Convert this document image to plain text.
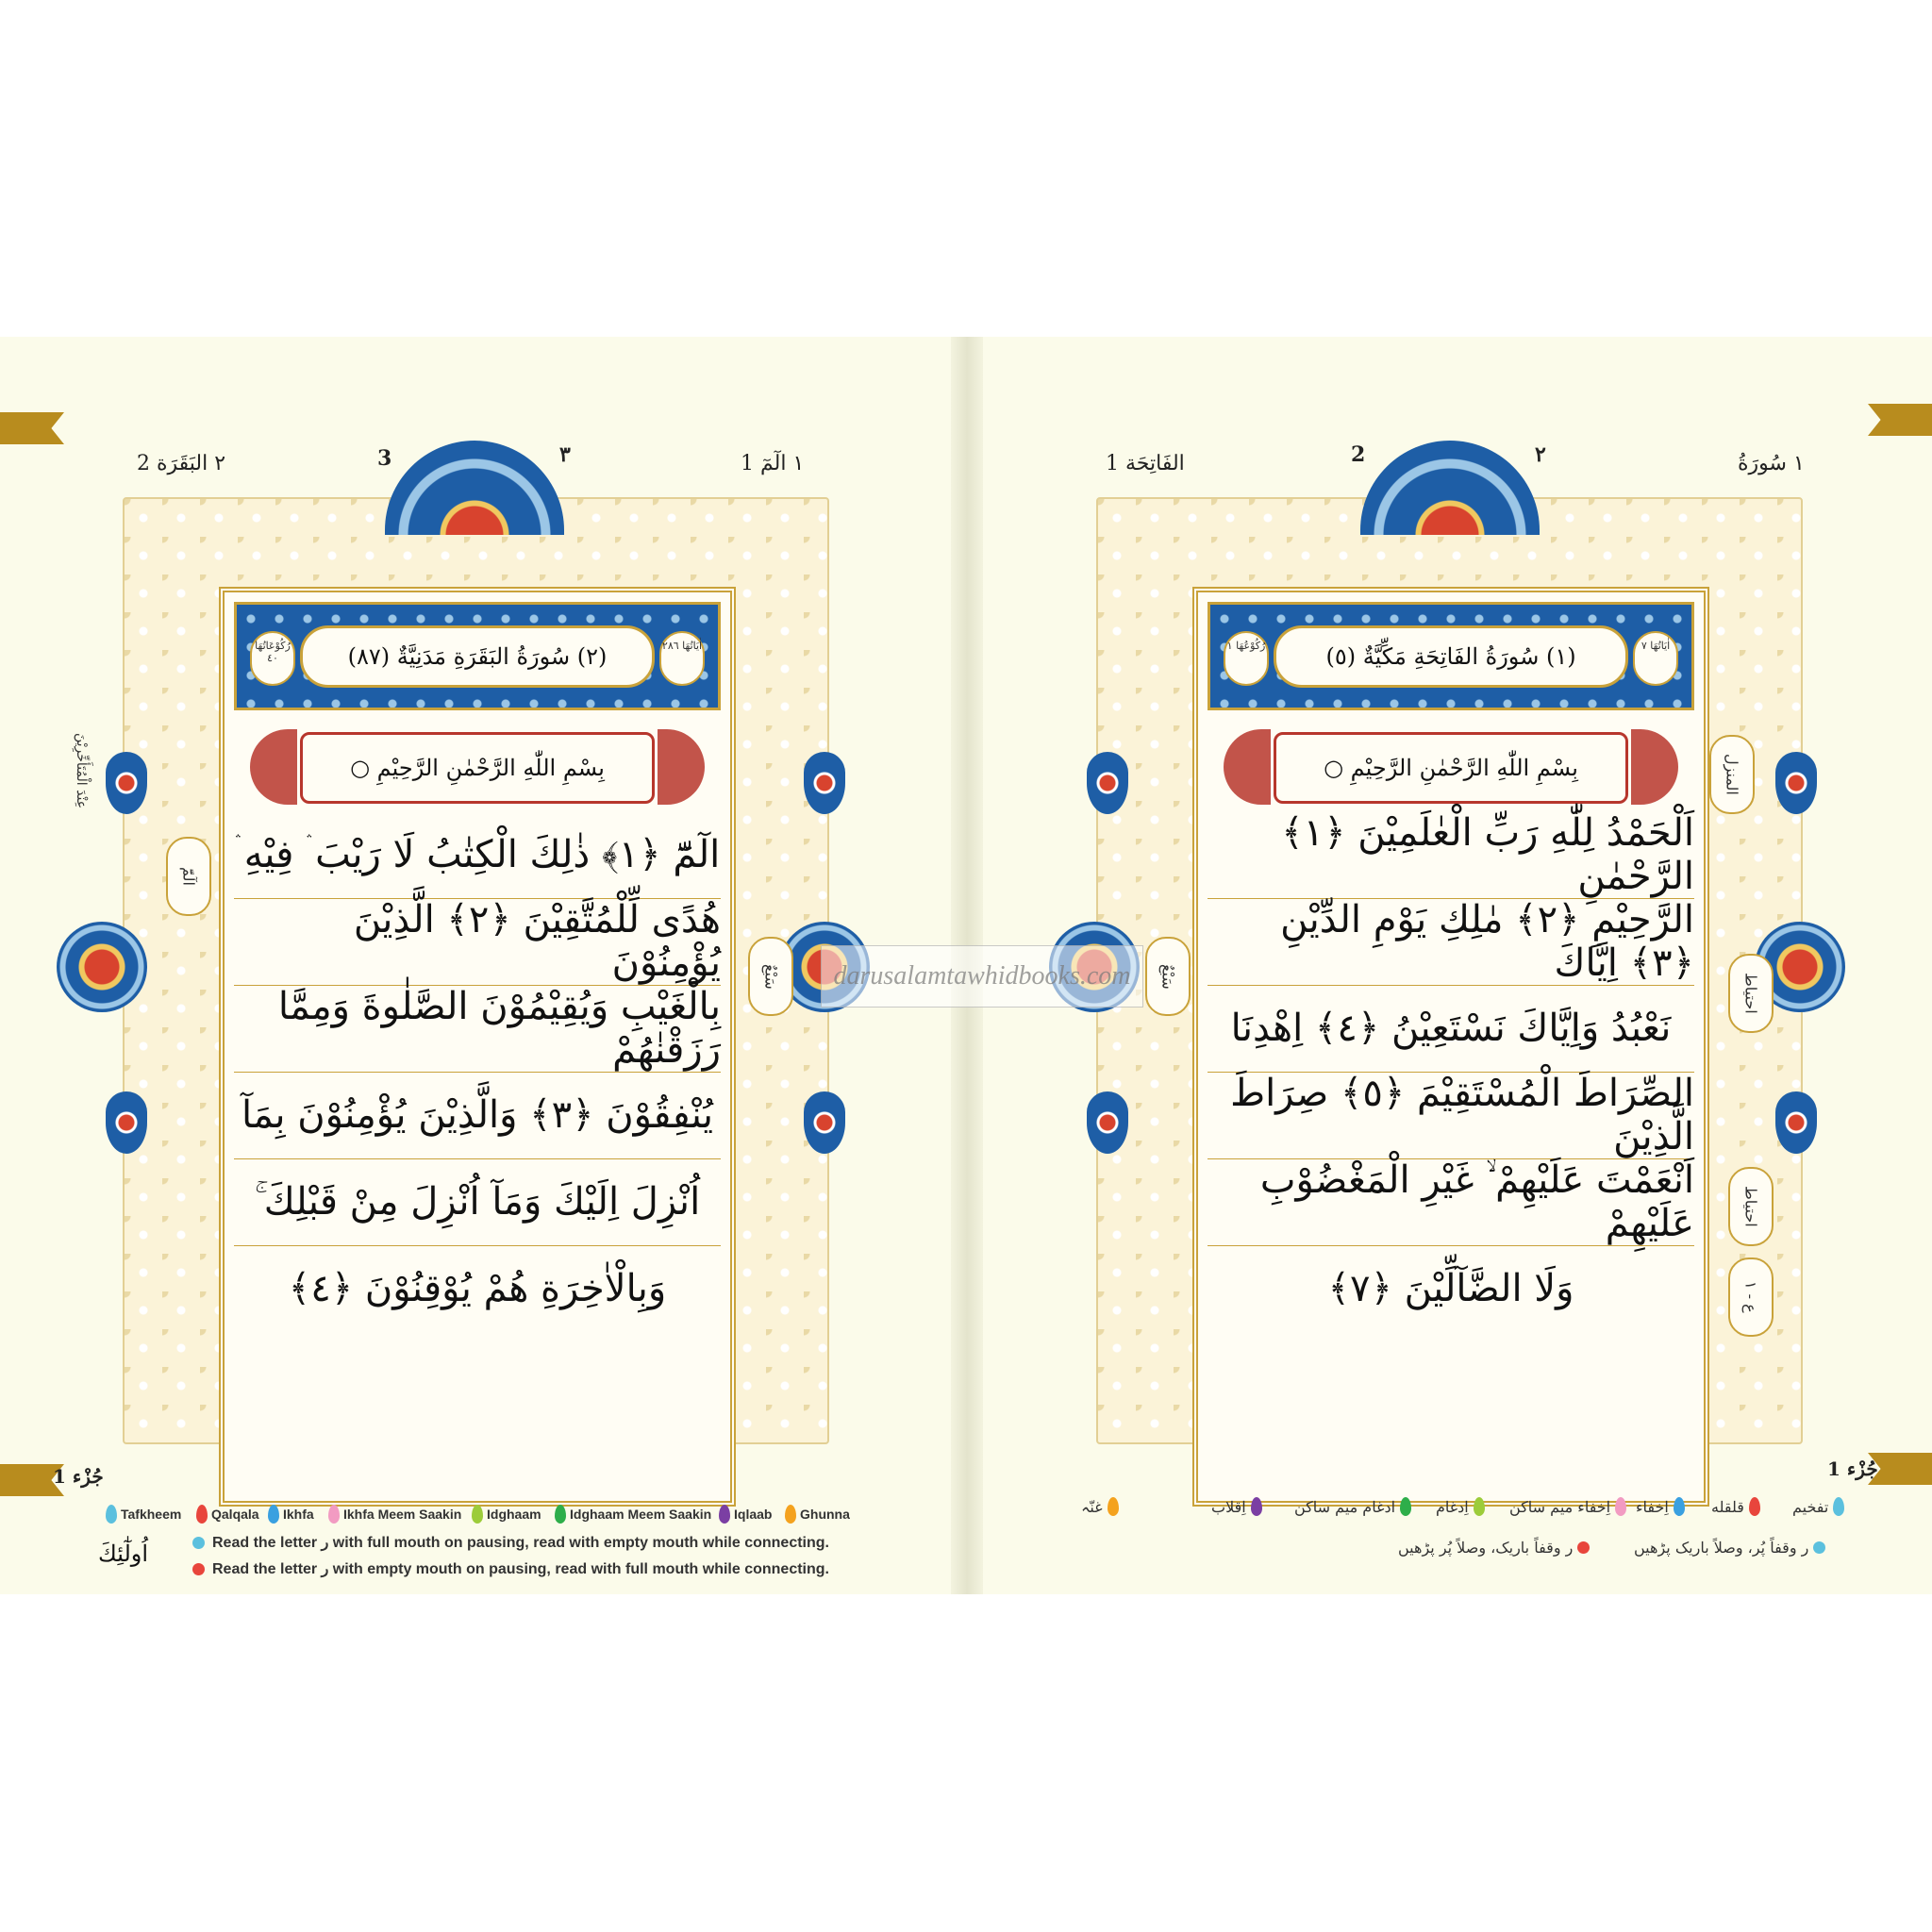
٢ البَقَرَة 2	٣
3	١ الٓمٓ 1
عِنْدَ الْمُتَأَخِّرِيْنَ
الٓمّٓ
سَبْعٌ
رُكُوْعَاتُهَا ٤٠	(٢) سُورَةُ البَقَرَةِ مَدَنِيَّةٌ (٨٧)	اٰيَاتُهَا ٢٨٦
بِسْمِ اللّٰهِ الرَّحْمٰنِ الرَّحِيْمِ ○
الٓمّٓ ﴿١﴾ ذٰلِكَ الْكِتٰبُ لَا رَيْبَ ۛ فِيْهِ ۛ
هُدًى لِّلْمُتَّقِيْنَ ﴿٢﴾ الَّذِيْنَ يُؤْمِنُوْنَ
بِالْغَيْبِ وَيُقِيْمُوْنَ الصَّلٰوةَ وَمِمَّا رَزَقْنٰهُمْ
يُنْفِقُوْنَ ﴿٣﴾ وَالَّذِيْنَ يُؤْمِنُوْنَ بِمَآ
اُنْزِلَ اِلَيْكَ وَمَآ اُنْزِلَ مِنْ قَبْلِكَ ۚ
وَبِالْاٰخِرَةِ هُمْ يُوْقِنُوْنَ ﴿٤﴾
جُزْء 1
اُولٰٓئِكَ
Tafkheem Qalqala Ikhfa Ikhfa Meem Saakin Idghaam Idghaam Meem Saakin Iqlaab Ghunna
Read the letter ر with full mouth on pausing, read with empty mouth while connecting.
Read the letter ر with empty mouth on pausing, read with full mouth while connecting.
الفَاتِحَة 1	٢
2	١ سُورَةُ
المنزل
سَبْعٌ	احتياط
احتياط
ع - ١
رُكُوْعُهَا ١	(١) سُورَةُ الفَاتِحَةِ مَكِّيَّةٌ (٥)	اٰيَاتُهَا ٧
بِسْمِ اللّٰهِ الرَّحْمٰنِ الرَّحِيْمِ ○
اَلْحَمْدُ لِلّٰهِ رَبِّ الْعٰلَمِيْنَ ﴿١﴾ الرَّحْمٰنِ
الرَّحِيْمِ ﴿٢﴾ مٰلِكِ يَوْمِ الدِّيْنِ ﴿٣﴾ اِيَّاكَ
نَعْبُدُ وَاِيَّاكَ نَسْتَعِيْنُ ﴿٤﴾ اِهْدِنَا
الصِّرَاطَ الْمُسْتَقِيْمَ ﴿٥﴾ صِرَاطَ الَّذِيْنَ
اَنْعَمْتَ عَلَيْهِمْ ۙ غَيْرِ الْمَغْضُوْبِ عَلَيْهِمْ
وَلَا الضَّآلِّيْنَ ﴿٧﴾
جُزْء 1
تفخيم
قلقله
اِخفاء
اِخفاء میم ساکن
اِدغام
ادغام میم ساکن
اِقلاب
غنّہ
ر وقفاً پُر، وصلاً باریک پڑھیں
ر وقفاً باریک، وصلاً پُر پڑھیں
darusalamtawhidbooks.com
